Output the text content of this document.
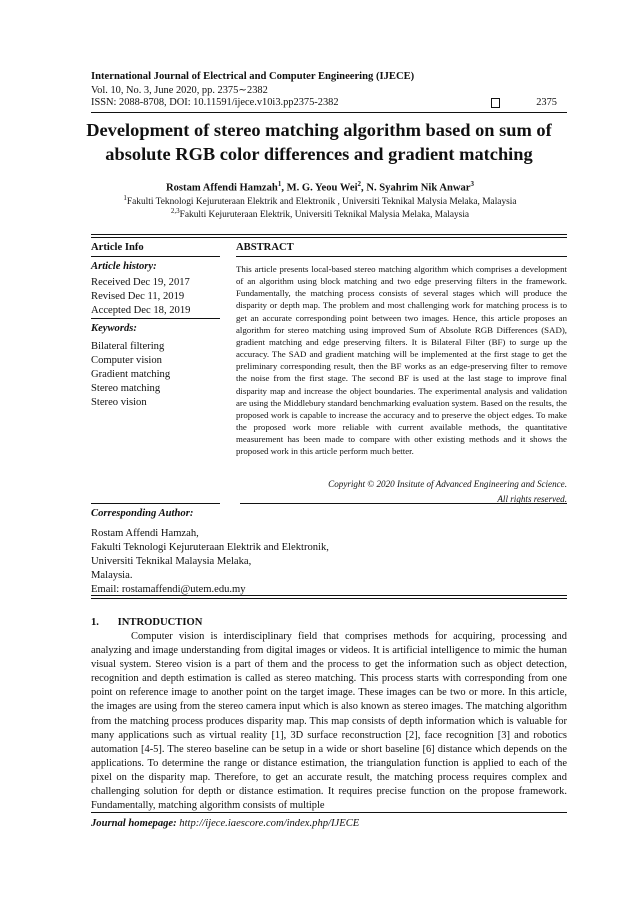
International Journal of Electrical and Computer Engineering (IJECE)
Vol. 10, No. 3, June 2020, pp. 2375∼2382
ISSN: 2088-8708, DOI: 10.11591/ijece.v10i3.pp2375-2382	2375
Development of stereo matching algorithm based on sum of absolute RGB color differences and gradient matching
Rostam Affendi Hamzah$^1$, M. G. Yeou Wei$^2$, N. Syahrim Nik Anwar$^3$
$^1$Fakulti Teknologi Kejuruteraan Elektrik and Elektronik , Universiti Teknikal Malysia Melaka, Malaysia
$^{2,3}$Fakulti Kejuruteraan Elektrik, Universiti Teknikal Malysia Melaka, Malaysia
Article Info
Article history:
Received Dec 19, 2017
Revised Dec 11, 2019
Accepted Dec 18, 2019
Keywords:
Bilateral filtering
Computer vision
Gradient matching
Stereo matching
Stereo vision
ABSTRACT

This article presents local-based stereo matching algorithm which comprises a development of an algorithm using block matching and two edge preserving filters in the framework. Fundamentally, the matching process consists of several stages which will produce the disparity or depth map. The problem and most challenging work for matching process is to get an accurate corresponding point between two images. Hence, this article proposes an algorithm for stereo matching using improved Sum of Absolute RGB Differences (SAD), gradient matching and edge preserving filters. It is Bilateral Filter (BF) to surge up the accuracy. The SAD and gradient matching will be implemented at the first stage to get the preliminary corresponding result, then the BF works as an edge-preserving filter to remove the noise from the first stage. The second BF is used at the last stage to improve final disparity map and increase the object boundaries. The experimental analysis and validation are using the Middlebury standard benchmarking evaluation system. Based on the results, the proposed work is capable to increase the accuracy and to preserve the object edges. To make the proposed work more reliable with current available methods, the quantitative measurement has been made to compare with other existing methods and it shows the proposed work in this article perform much better.

Copyright © 2020 Insitute of Advanced Engineering and Science.
All rights reserved.
Corresponding Author:
Rostam Affendi Hamzah,
Fakulti Teknologi Kejuruteraan Elektrik and Elektronik,
Universiti Teknikal Malaysia Melaka,
Malaysia.
Email: rostamaffendi@utem.edu.my
1. INTRODUCTION

Computer vision is interdisciplinary field that comprises methods for acquiring, processing and analyzing and image understanding from digital images or videos. It is artificial intelligence to mimic the human visual system. Stereo vision is a part of them and the process to get the information such as object detection, recognition and depth estimation is called as stereo matching. This process starts with corresponding from one point on reference image to another point on the target image. These images can be two or more. In this article, the images are using from the stereo camera input which is also known as stereo images. The matching algorithm from the matching process produces disparity map. This map consists of depth information which is valuable for many applications such as virtual reality [1], 3D surface reconstruction [2], face recognition [3] and robotics automation [4-5]. The stereo baseline can be setup in a wide or short baseline [6] distance which depends on the applications. To determine the range or distance estimation, the triangulation function is applied to each of the pixel on the disparity map. Therefore, to get an accurate result, the matching process requires complex and challenging solution for depth or distance estimation. It requires precise function on the propose framework. Fundamentally, matching algorithm consists of multiple

Journal homepage: http://ijece.iaescore.com/index.php/IJECE
